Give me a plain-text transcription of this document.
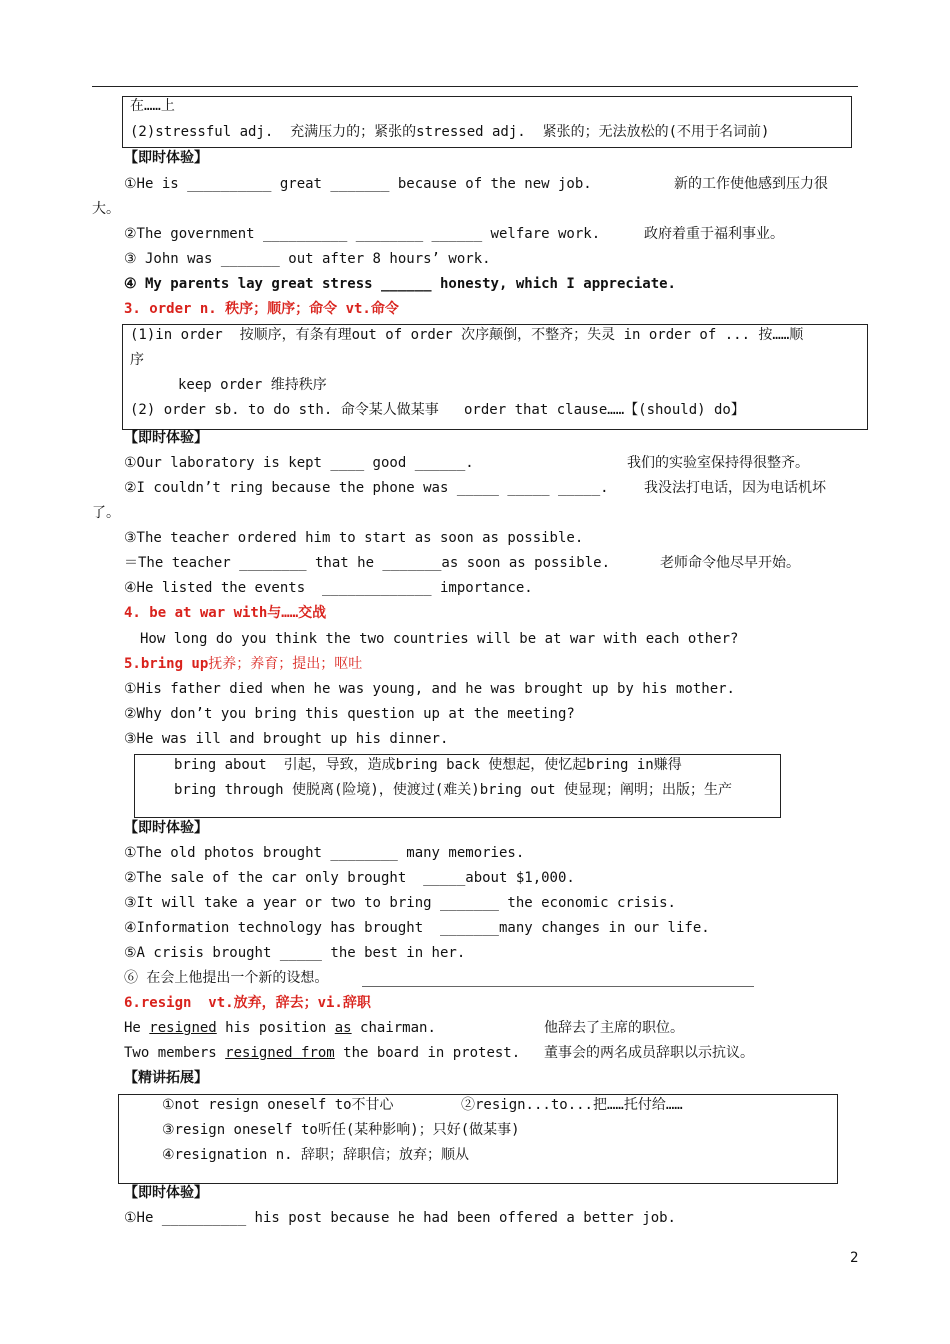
在……上
(2)stressful adj.  充满压力的；紧张的stressed adj.  紧张的；无法放松的(不用于名词前)
【即时体验】
①He is __________ great _______ because of the new job.	新的工作使他感到压力很
大。
②The government __________ ________ ______ welfare work.	政府着重于福利事业。
③ John was _______ out after 8 hours’ work.
④ My parents lay great stress ______ honesty, which I appreciate.
3. order n. 秩序；顺序；命令 vt.命令
(1)in order  按顺序，有条有理out of order 次序颠倒，不整齐；失灵 in order of ... 按……顺
序
keep order 维持秩序
(2) order sb. to do sth. 命令某人做某事   order that clause……【(should) do】
【即时体验】
①Our laboratory is kept ____ good ______.	我们的实验室保持得很整齐。
②I couldn’t ring because the phone was _____ _____ _____.	我没法打电话，因为电话机坏
了。
③The teacher ordered him to start as soon as possible.
＝The teacher ________ that he _______as soon as possible.	老师命令他尽早开始。
④He listed the events  _____________ importance.
4. be at war with与……交战
How long do you think the two countries will be at war with each other?
5.bring up抚养；养育；提出；呕吐
①His father died when he was young, and he was brought up by his mother.
②Why don’t you bring this question up at the meeting?
③He was ill and brought up his dinner.
bring about  引起，导致，造成bring back 使想起，使忆起bring in赚得
bring through 使脱离(险境)，使渡过(难关)bring out 使显现；阐明；出版；生产
【即时体验】
①The old photos brought ________ many memories.
②The sale of the car only brought  _____about $1,000.
③It will take a year or two to bring _______ the economic crisis.
④Information technology has brought  _______many changes in our life.
⑤A crisis brought _____ the best in her.
⑥ 在会上他提出一个新的设想。
6.resign  vt.放弃，辞去；vi.辞职
He resigned his position as chairman.	他辞去了主席的职位。
Two members resigned from the board in protest. 董事会的两名成员辞职以示抗议。
【精讲拓展】
①not resign oneself to不甘心        ②resign...to...把……托付给……
③resign oneself to听任(某种影响)；只好(做某事)
④resignation n. 辞职；辞职信；放弃；顺从
【即时体验】
①He __________ his post because he had been offered a better job.
2
